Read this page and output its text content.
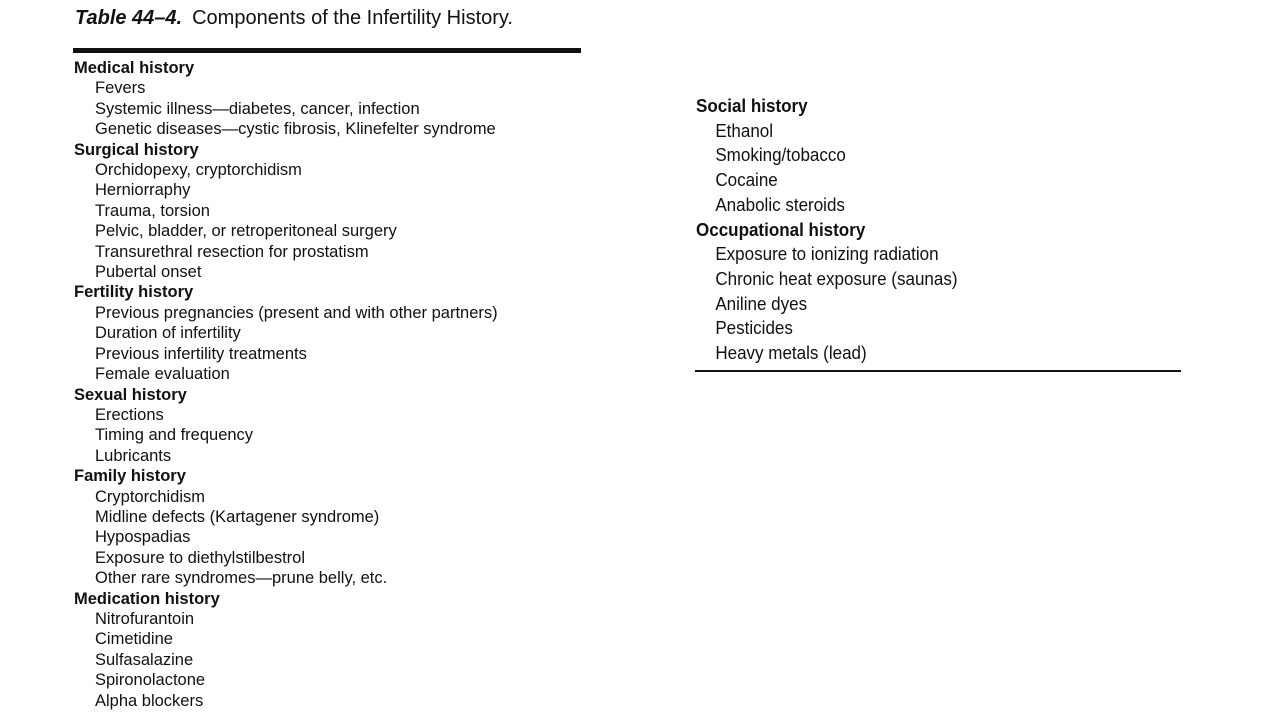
Table 44–4. Components of the Infertility History.
Medical history
Fevers
Systemic illness—diabetes, cancer, infection
Genetic diseases—cystic fibrosis, Klinefelter syndrome
Surgical history
Orchidopexy, cryptorchidism
Herniorraphy
Trauma, torsion
Pelvic, bladder, or retroperitoneal surgery
Transurethral resection for prostatism
Pubertal onset
Fertility history
Previous pregnancies (present and with other partners)
Duration of infertility
Previous infertility treatments
Female evaluation
Sexual history
Erections
Timing and frequency
Lubricants
Family history
Cryptorchidism
Midline defects (Kartagener syndrome)
Hypospadias
Exposure to diethylstilbestrol
Other rare syndromes—prune belly, etc.
Medication history
Nitrofurantoin
Cimetidine
Sulfasalazine
Spironolactone
Alpha blockers
Social history
Ethanol
Smoking/tobacco
Cocaine
Anabolic steroids
Occupational history
Exposure to ionizing radiation
Chronic heat exposure (saunas)
Aniline dyes
Pesticides
Heavy metals (lead)
